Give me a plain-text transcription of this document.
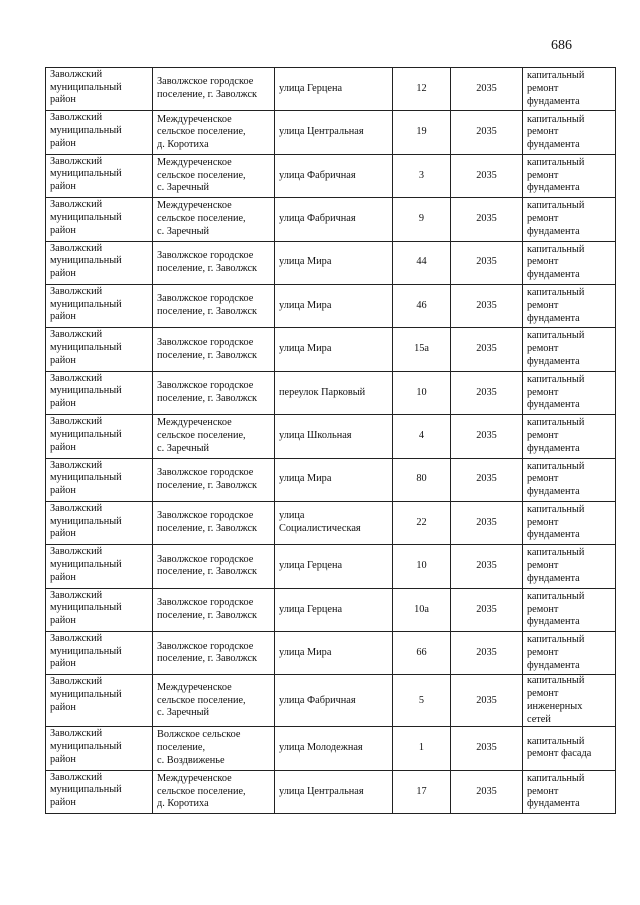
686
Заволжский
муниципальный
район	Заволжское городское
поселение, г. Заволжск	улица Герцена	12	2035	капитальный
ремонт
фундамента

Заволжский
муниципальный
район	Междуреченское
сельское поселение,
д. Коротиха	улица Центральная	19	2035	капитальный
ремонт
фундамента

Заволжский
муниципальный
район	Междуреченское
сельское поселение,
с. Заречный	улица Фабричная	3	2035	капитальный
ремонт
фундамента

Заволжский
муниципальный
район	Междуреченское
сельское поселение,
с. Заречный	улица Фабричная	9	2035	капитальный
ремонт
фундамента

Заволжский
муниципальный
район	Заволжское городское
поселение, г. Заволжск	улица Мира	44	2035	капитальный
ремонт
фундамента

Заволжский
муниципальный
район	Заволжское городское
поселение, г. Заволжск	улица Мира	46	2035	капитальный
ремонт
фундамента

Заволжский
муниципальный
район	Заволжское городское
поселение, г. Заволжск	улица Мира	15а	2035	капитальный
ремонт
фундамента

Заволжский
муниципальный
район	Заволжское городское
поселение, г. Заволжск	переулок Парковый	10	2035	капитальный
ремонт
фундамента

Заволжский
муниципальный
район	Междуреченское
сельское поселение,
с. Заречный	улица Школьная	4	2035	капитальный
ремонт
фундамента

Заволжский
муниципальный
район	Заволжское городское
поселение, г. Заволжск	улица Мира	80	2035	капитальный
ремонт
фундамента

Заволжский
муниципальный
район	Заволжское городское
поселение, г. Заволжск	улица
Социалистическая	22	2035	капитальный
ремонт
фундамента

Заволжский
муниципальный
район	Заволжское городское
поселение, г. Заволжск	улица Герцена	10	2035	капитальный
ремонт
фундамента

Заволжский
муниципальный
район	Заволжское городское
поселение, г. Заволжск	улица Герцена	10а	2035	капитальный
ремонт
фундамента

Заволжский
муниципальный
район	Заволжское городское
поселение, г. Заволжск	улица Мира	66	2035	капитальный
ремонт
фундамента

Заволжский
муниципальный
район	Междуреченское
сельское поселение,
с. Заречный	улица Фабричная	5	2035	капитальный
ремонт
инженерных
сетей

Заволжский
муниципальный
район	Волжское сельское
поселение,
с. Воздвиженье	улица Молодежная	1	2035	капитальный
ремонт фасада

Заволжский
муниципальный
район	Междуреченское
сельское поселение,
д. Коротиха	улица Центральная	17	2035	капитальный
ремонт
фундамента
